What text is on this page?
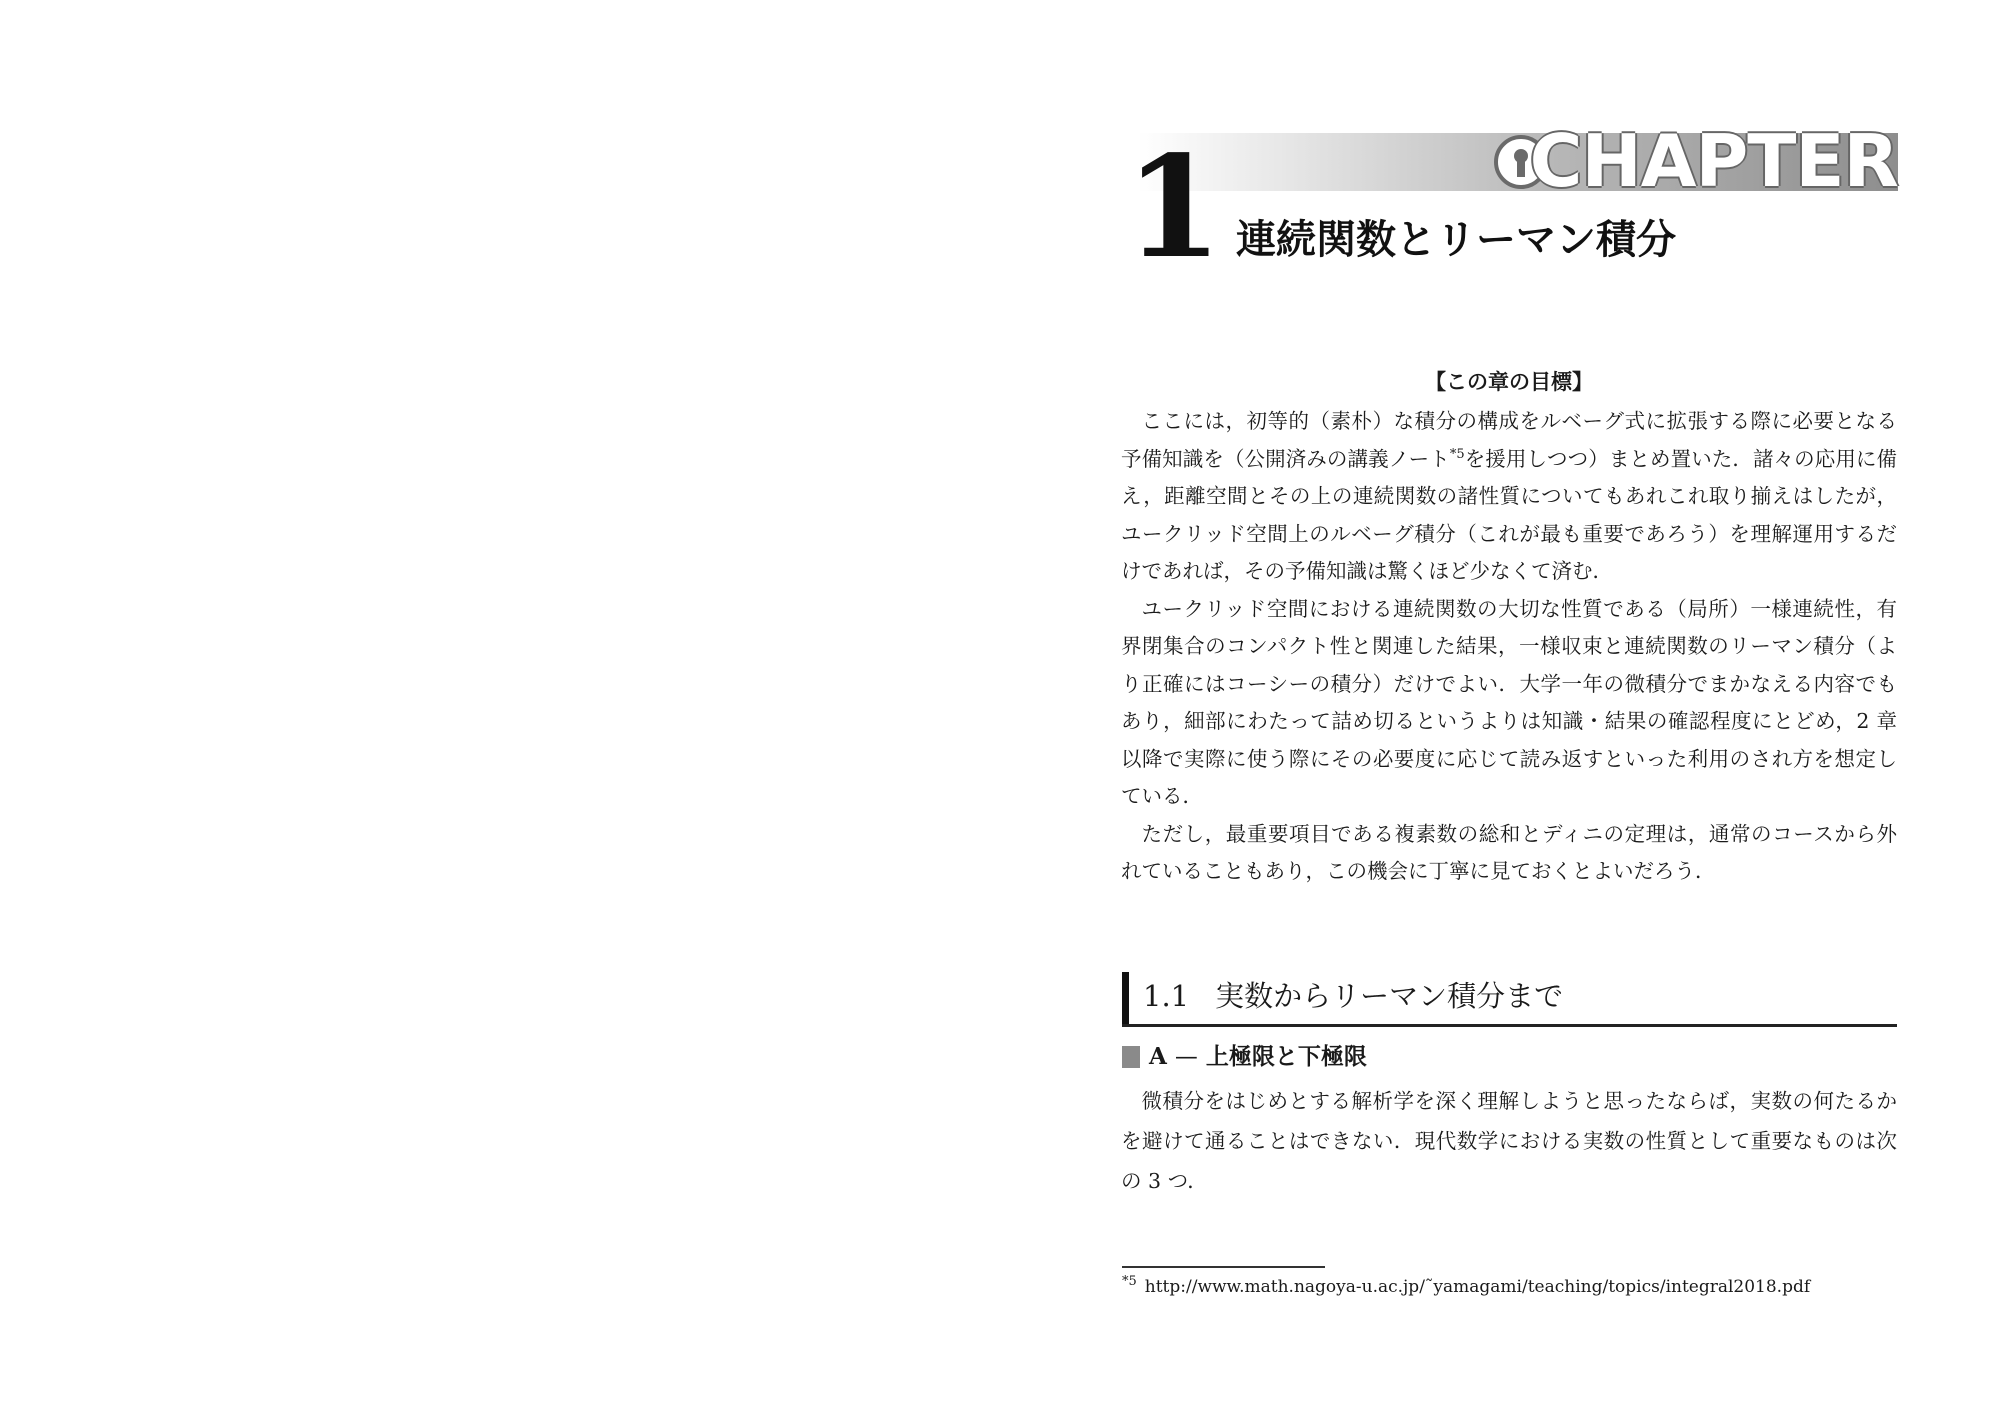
CHAPTER
1 連続関数とリーマン積分
【この章の目標】

ここには，初等的（素朴）な積分の構成をルベーグ式に拡張する際に必要となる予備知識を（公開済みの講義ノート$^{*5}$を援用しつつ）まとめ置いた．諸々の応用に備え，距離空間とその上の連続関数の諸性質についてもあれこれ取り揃えはしたが，ユークリッド空間上のルベーグ積分（これが最も重要であろう）を理解運用するだけであれば，その予備知識は驚くほど少なくて済む．

ユークリッド空間における連続関数の大切な性質である（局所）一様連続性，有界閉集合のコンパクト性と関連した結果，一様収束と連続関数のリーマン積分（より正確にはコーシーの積分）だけでよい．大学一年の微積分でまかなえる内容でもあり，細部にわたって詰め切るというよりは知識・結果の確認程度にとどめ，2 章以降で実際に使う際にその必要度に応じて読み返すといった利用のされ方を想定している．

ただし，最重要項目である複素数の総和とディニの定理は，通常のコースから外れていることもあり，この機会に丁寧に見ておくとよいだろう．

1.1 実数からリーマン積分まで
A — 上極限と下極限

微積分をはじめとする解析学を深く理解しようと思ったならば，実数の何たるかを避けて通ることはできない．現代数学における実数の性質として重要なものは次の 3 つ．

$^{*5}$ http://www.math.nagoya-u.ac.jp/˜yamagami/teaching/topics/integral2018.pdf
